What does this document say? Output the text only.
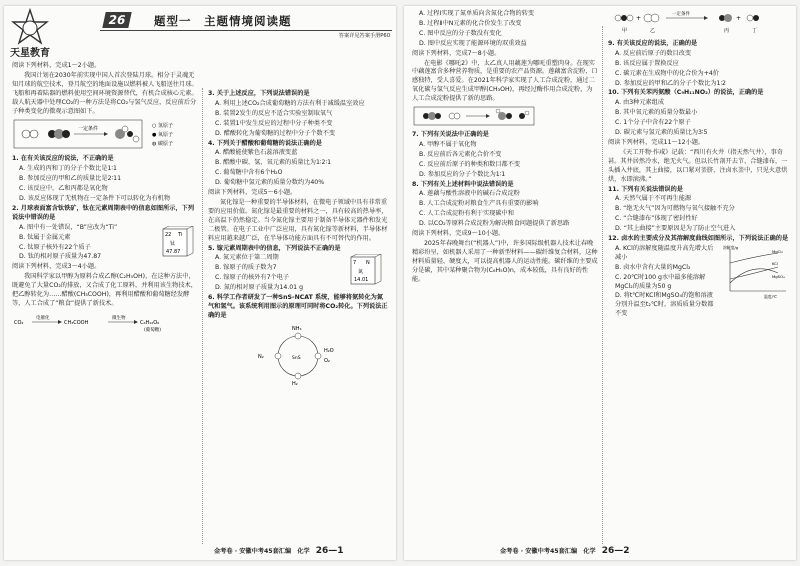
天星教育
26	题型一　主题情境阅读题
答案详见答案手册P60

阅读下列材料，完成1～2小题。

我国计划在2030年前实现中国人首次登陆月球。相分于灵魂无知月球的航空技术，登月航空的地面设施以燃料被人飞船送往月球。飞船和再着陆器的燃料使用空间环境资源替代，有机合成核心元素。载人航天器中处理CO₂的一种方法是将CO₂与氢气反应，反应前后分子种类变化的微观示意图如下。

一定条件	○ 氢原子
● 氧原子
◍ 碳原子

1. 在有关该反应的说法，不正确的是

A. 生成的丙和丁的分子个数比是1∶1

B. 参加反应的甲和乙的质量比是2∶11

C. 该反应中，乙和丙都是氧化物

D. 该反应体现了无机物在一定条件下可以转化为有机物

2. 月球表面富含钛铁矿，钛在元素周期表中的信息如图所示，下列说法中错误的是

A. 图中有一处错误，“B”应改为“Ti”

B. 钛属于金属元素

C. 钛原子核外有22个质子

D. 钛的相对原子质量为47.87

22 Ti
钛
47.87

阅读下列材料，完成3～4小题。

我国科学家以甲醇为原料合成乙醇(C₂H₅OH)，在这种方法中，既避免了大量CO₂的排放，又合成了化工原料，并利用该生物技术，把乙醇转化为……醋酸(CH₃COOH)，再利用醋酸和葡萄糖经发酵等，人工合成了“粮食”提供了新技术。

CO₂
电催化
CH₃COOH
微生物
C₆H₁₂O₆
(葡萄糖)

3. 关于上述反应，下列说法错误的是

A. 利用上述CO₂合成葡萄糖的方法有利于减缓温室效应

B. 装置2发生的反应不适合实验室制取氧气

C. 装置1中发生反应的过程中分子种类不变

D. 醋酸转化为葡萄糖的过程中分子个数不变

4. 下列关于醋酸和葡萄糖的说法正确的是

A. 醋酸能使紫色石蕊溶液变蓝

B. 醋酸中碳、氢、氧元素的质量比为1∶2∶1

C. 葡萄糖中含有6个H₂O

D. 葡萄糖中氢元素的质量分数约为40%

阅读下列材料，完成5～6小题。

氮化镓是一种重要的半导体材料，在微电子领域中具有非常重要的应用价值。氮化镓是最重要的材料之一，具有较高的热导率，在高温下仍然稳定。当今氮化镓主要用于制备半导体元器件和发光二极管。在电子工业中广泛应用，具有氮化镓等新材料，半导体材料应用越来越广泛，在半导体功能方面具有不可替代的作用。

5. 镓元素周期表中的信息，下列说法不正确的是

A. 氮元素位于第二周期

B. 镓原子的质子数为7

C. 镓原子的核外有7个电子

D. 氮的相对原子质量为14.01 g

7 N
氮
14.01

6. 科学工作者研发了一种SnS-NCAT 系统，能够将氨转化为氮气和氢气。该系统利用图示的原理可同时将CO₂转化。下列说法正确的是

SnS
NH₃
N₂
H₂O
O₂
H₂
金考卷 · 安徽中考45套汇编　化学 26—1

A. 过程Ⅰ实现了氮单质向含氮化合物的转变

B. 过程Ⅱ中N元素的化合价发生了改变

C. 图中反应的分子数没有变化

D. 图中反应实现了能源环境的双重效益

阅读下列材料，完成7～8小题。

在电影《哪吒2》中，太乙真人用藕莲为哪吒重塑肉身。在现实中藕莲富含多种营养物质，是重要的农产品资源。莲藕富含淀粉，口感独特，受人喜爱。在2021年科学家实现了人工合成淀粉，通过二氧化碳与氢气反应生成甲醇(CH₃OH)，再经过酶作用合成淀粉，为人工合成淀粉提供了新的思路。

7. 下列有关说法中正确的是

A. 甲醇不属于氧化物

B. 反应前后各元素化合价不变

C. 反应前后原子的种类和数目都不变

D. 参加反应的分子个数比为1∶1

8. 下列有关上述材料中说法错误的是

A. 莲藕与酸性溶液中的碱石合成淀粉

B. 人工合成淀粉对粮食生产具有重要的影响

C. 人工合成淀粉有利于实现碳中和

D. 以CO₂等原料合成淀粉为解决粮食问题提供了新思路

阅读下列材料，完成9～10小题。

2025年春晚舞台(“机器人”)中，许多国际级机器人技术让春晚精彩纷呈，如机器人采用了一种新型材料——碳纤维复合材料，这种材料质量轻、硬度大，可以提高机器人的运动性能。碳纤维的主要成分是碳，其中某种聚合物为(C₆H₅O)n，成本较低，具有良好的性能。

+
一定条件
+
甲	乙	丙	丁

9. 有关该反应的说法，正确的是

A. 反应前后原子的数目改变

B. 该反应属于置换反应

C. 碳元素在生成物中的化合价为+4价

D. 参加反应的甲和乙的分子个数比为1∶2

10. 下列有关苯丙氨酸（C₉H₁₁NO₂）的说法，正确的是

A. 由3种元素组成

B. 其中氧元素的质量分数最小

C. 1个分子中含有22个原子

D. 碳元素与氢元素的质量比为3∶5

阅读下列材料，完成11～12小题。

《天工开物·作咸》记载：“西川有火井（指天然气井），事奇甚。其井居然冷水，绝无火气。但以长竹剖开去节，合缝漆布，一头插入井底，其上曲接，以口紧对釜脐，注卤水釜中，只见火意烘烘，水即滚沸。”

11. 下列有关说法错误的是

A. 天然气属于不可再生能源

B. “绝无火气”因为可燃物与氧气接触不充分

C. “合缝漆布”体现了密封性好

D. “其上曲接”主要原因是为了防止空气进入

12. 卤水的主要成分及其溶解度曲线如图所示，下列说法正确的是

A. KCl的溶解度随温度升高先增大后减小

B. 卤水中含有大量的MgCl₂

C. 20℃时100 g水中最多能溶解MgCl₂的质量为50 g

D. 将t℃时KCl和MgSO₄的饱和溶液分别升温至t₂℃时，溶质质量分数都不变

溶解度/g
MgCl₂
KCl
MgSO₄
温度/℃
金考卷 · 安徽中考45套汇编　化学 26—2
